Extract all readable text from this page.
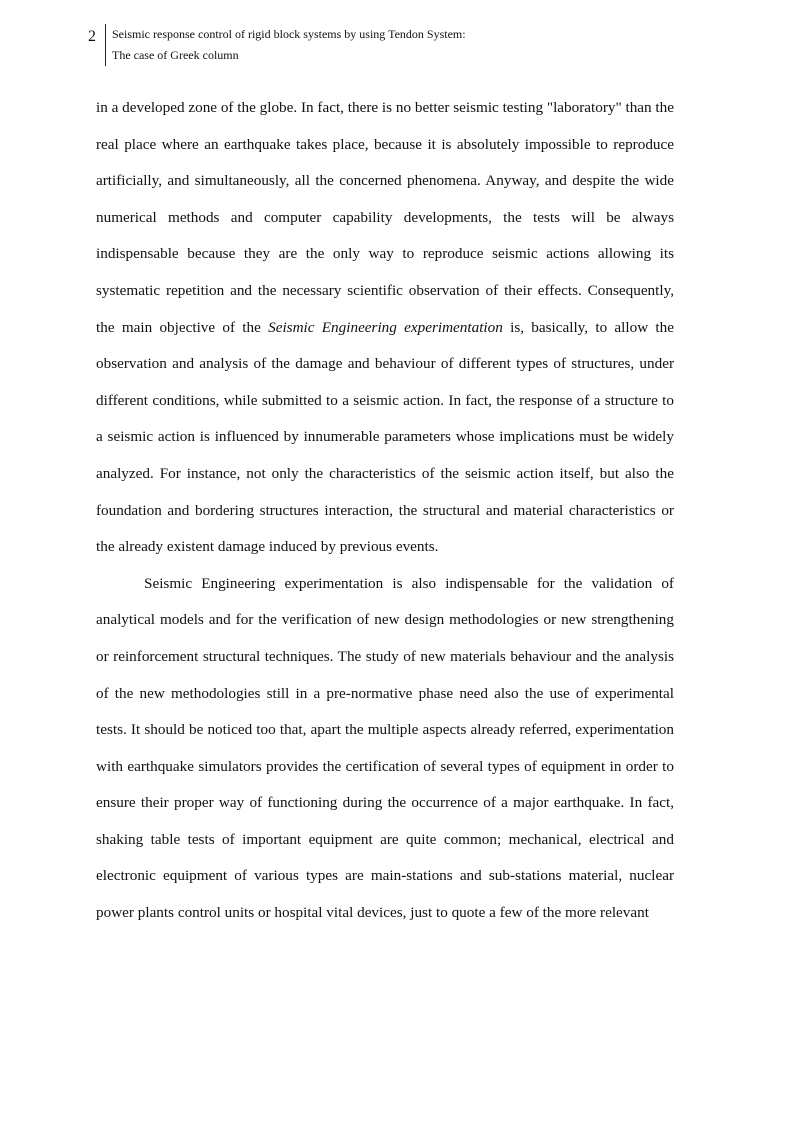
2	Seismic response control of rigid block systems by using Tendon System:
The case of Greek column

in a developed zone of the globe. In fact, there is no better seismic testing "laboratory" than the real place where an earthquake takes place, because it is absolutely impossible to reproduce artificially, and simultaneously, all the concerned phenomena. Anyway, and despite the wide numerical methods and computer capability developments, the tests will be always indispensable because they are the only way to reproduce seismic actions allowing its systematic repetition and the necessary scientific observation of their effects. Consequently, the main objective of the Seismic Engineering experimentation is, basically, to allow the observation and analysis of the damage and behaviour of different types of structures, under different conditions, while submitted to a seismic action. In fact, the response of a structure to a seismic action is influenced by innumerable parameters whose implications must be widely analyzed. For instance, not only the characteristics of the seismic action itself, but also the foundation and bordering structures interaction, the structural and material characteristics or the already existent damage induced by previous events.

Seismic Engineering experimentation is also indispensable for the validation of analytical models and for the verification of new design methodologies or new strengthening or reinforcement structural techniques. The study of new materials behaviour and the analysis of the new methodologies still in a pre-normative phase need also the use of experimental tests. It should be noticed too that, apart the multiple aspects already referred, experimentation with earthquake simulators provides the certification of several types of equipment in order to ensure their proper way of functioning during the occurrence of a major earthquake. In fact, shaking table tests of important equipment are quite common; mechanical, electrical and electronic equipment of various types are main-stations and sub-stations material, nuclear power plants control units or hospital vital devices, just to quote a few of the more relevant
